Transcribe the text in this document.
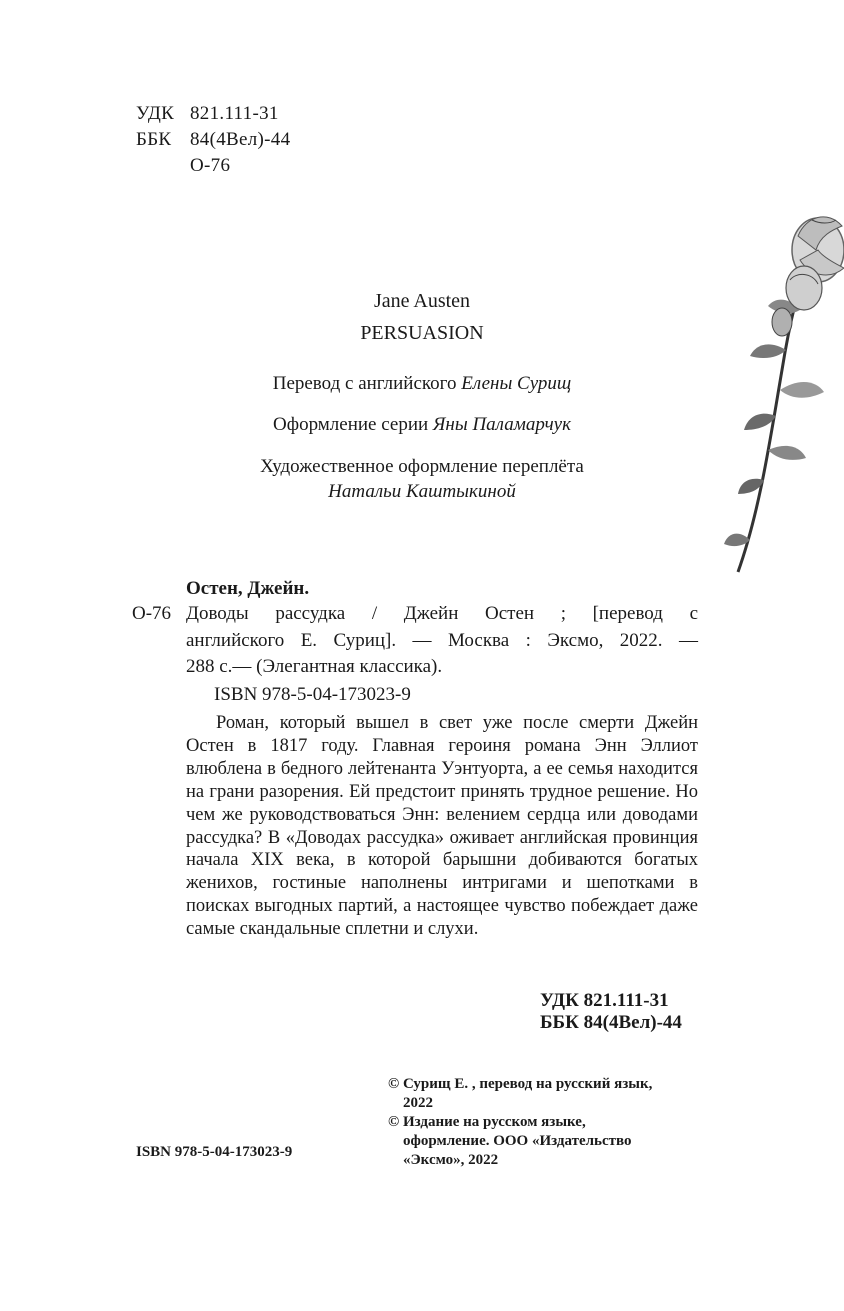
УДК 821.111-31
ББК 84(4Вел)-44
О-76
Jane Austen
PERSUASION
Перевод с английского Елены Сурищ
Оформление серии Яны Паламарчук
Художественное оформление переплёта
Натальи Каштыкиной
Остен, Джейн.
О-76 Доводы рассудка / Джейн Остен ; [перевод с
английского Е. Суриц]. — Москва : Эксмо, 2022. —
288 с.— (Элегантная классика).
ISBN 978-5-04-173023-9

Роман, который вышел в свет уже после смерти Джейн Остен в 1817 году. Главная героиня романа Энн Эллиот влюблена в бедного лейтенанта Уэнтуорта, а ее семья находится на грани разорения. Ей предстоит принять трудное решение. Но чем же руководствоваться Энн: велением сердца или доводами рассудка? В «Доводах рассудка» оживает английская провинция начала XIX века, в которой барышни добиваются богатых женихов, гостиные наполнены интригами и шепотками в поисках выгодных партий, а настоящее чувство побеждает даже самые скандальные сплетни и слухи.

УДК 821.111-31
ББК 84(4Вел)-44
© Сурищ Е. , перевод на русский язык,
2022
© Издание на русском языке,
оформление. ООО «Издательство
«Эксмо», 2022
ISBN 978-5-04-173023-9
